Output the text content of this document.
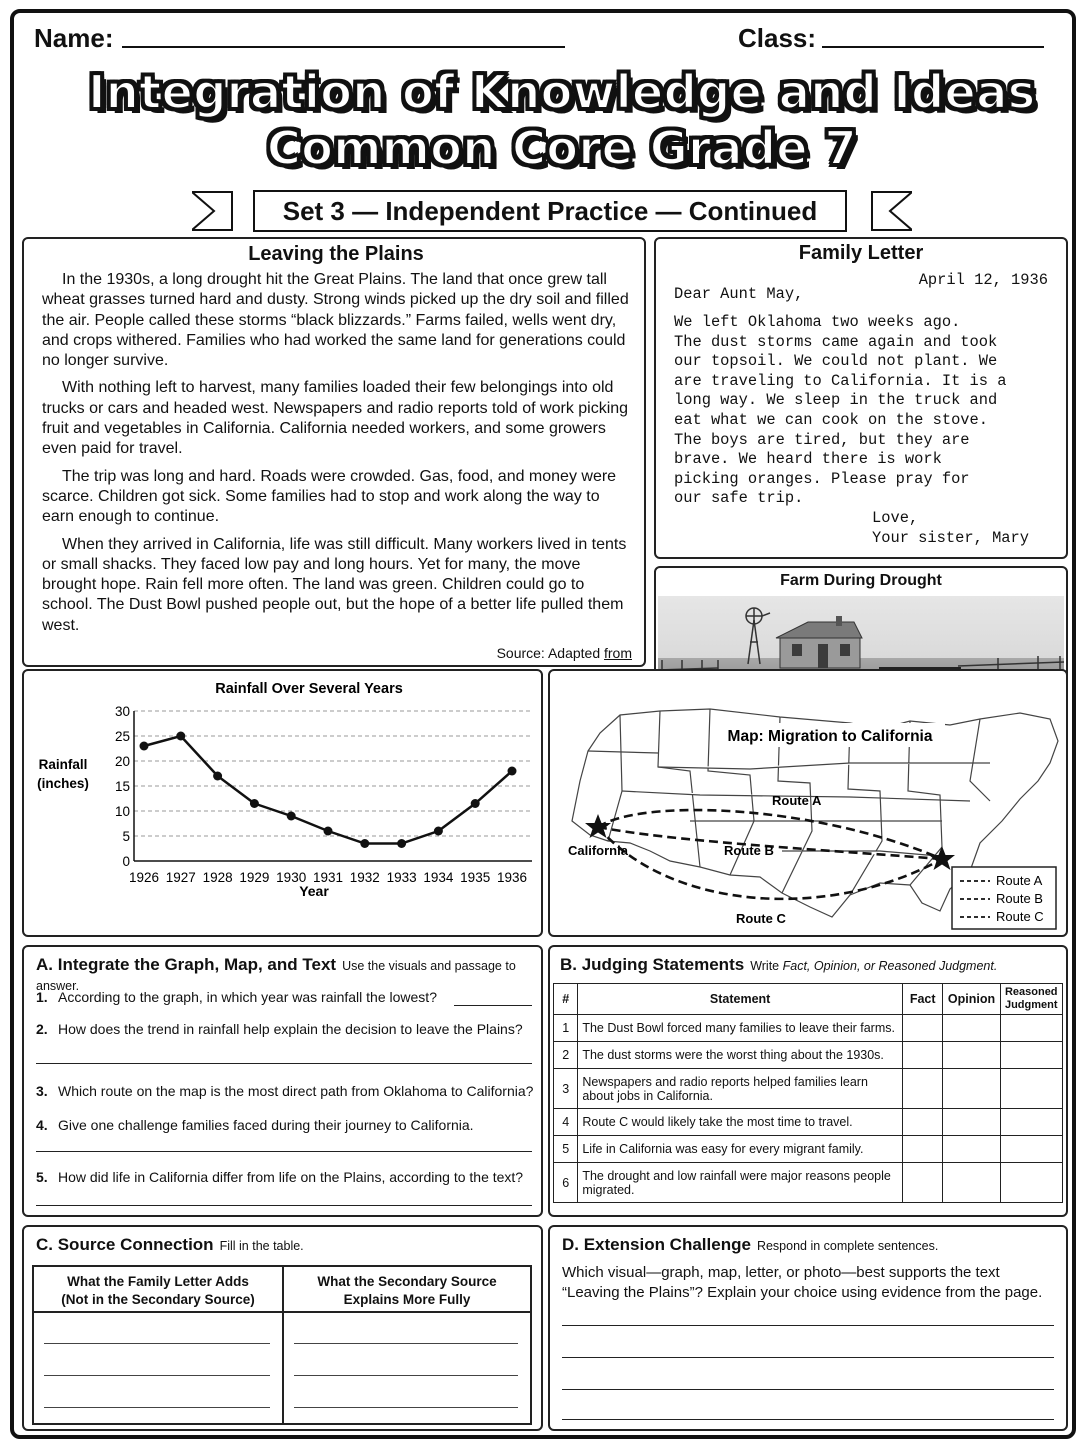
Name:	Class:
Integration of Knowledge and Ideas
Common Core Grade 7
Set 3 — Independent Practice — Continued
Leaving the Plains

In the 1930s, a long drought hit the Great Plains. The land that once grew tall wheat grasses turned hard and dusty. Strong winds picked up the dry soil and filled the air. People called these storms “black blizzards.” Farms failed, wells went dry, and crops withered. Families who had worked the same land for generations could no longer survive.

With nothing left to harvest, many families loaded their few belongings into old trucks or cars and headed west. Newspapers and radio reports told of work picking fruit and vegetables in California. California needed workers, and some growers even paid for travel.

The trip was long and hard. Roads were crowded. Gas, food, and money were scarce. Children got sick. Some families had to stop and work along the way to earn enough to continue.

When they arrived in California, life was still difficult. Many workers lived in tents or small shacks. They faced low pay and long hours. Yet for many, the move brought hope. Rain fell more often. The land was green. Children could go to school. The Dust Bowl pushed people out, but the hope of a better life pulled them west.

Source: Adapted from
Family Letter
April 12, 1936
Dear Aunt May,
We left Oklahoma two weeks ago.
The dust storms came again and took
our topsoil. We could not plant. We
are traveling to California. It is a
long way. We sleep in the truck and
eat what we can cook on the stove.
The boys are tired, but they are
brave. We heard there is work
picking oranges. Please pray for
our safe trip.
Love,
Your sister, Mary
Farm During Drought
Rainfall Over Several Years
Rainfall
(inches)
Year
0
5
10
15
20
25
30
1926 1927 1928 1929 1930 1931 1932 1933 1934 1935 1936
Map: Migration to California
California
Route A
Route B
Route C
Route A
Route B
Route C
A. Integrate the Graph, Map, and Text Use the visuals and passage to answer.
1. According to the graph, in which year was rainfall the lowest?
2. How does the trend in rainfall help explain the decision to leave the Plains?
3. Which route on the map is the most direct path from Oklahoma to California?
4. Give one challenge families faced during their journey to California.
5. How did life in California differ from life on the Plains, according to the text?
B. Judging Statements Write Fact, Opinion, or Reasoned Judgment.
#	Statement	Fact	Opinion	Reasoned Judgment
1	The Dust Bowl forced many families to leave their farms.			
2	The dust storms were the worst thing about the 1930s.			
3	Newspapers and radio reports helped families learn about jobs in California.			
4	Route C would likely take the most time to travel.			
5	Life in California was easy for every migrant family.			
6	The drought and low rainfall were major reasons people migrated.			
C. Source Connection Fill in the table.
What the Family Letter Adds (Not in the Secondary Source)
What the Secondary Source Explains More Fully
D. Extension Challenge Respond in complete sentences.
Which visual—graph, map, letter, or photo—best supports the text “Leaving the Plains”? Explain your choice using evidence from the page.
